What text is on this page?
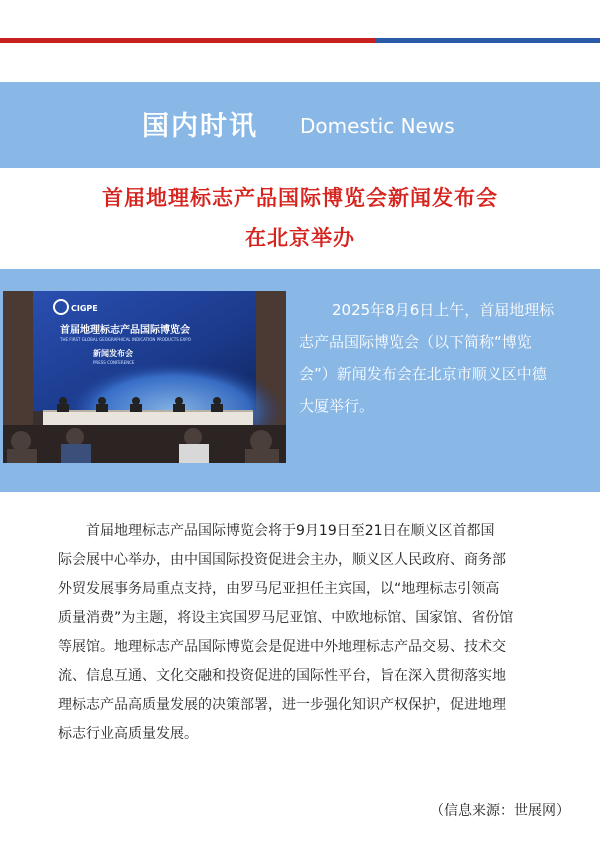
国内时讯 Domestic News
首届地理标志产品国际博览会新闻发布会
在北京举办
CIGPE
首届地理标志产品国际博览会
THE FIRST GLOBAL GEOGRAPHICAL INDICATION PRODUCTS EXPO
新闻发布会
PRESS CONFERENCE
2025年8月6日上午，首届地理标
志产品国际博览会（以下简称“博览
会”）新闻发布会在北京市顺义区中德
大厦举行。
首届地理标志产品国际博览会将于9月19日至21日在顺义区首都国
际会展中心举办，由中国国际投资促进会主办，顺义区人民政府、商务部
外贸发展事务局重点支持，由罗马尼亚担任主宾国，以“地理标志引领高
质量消费”为主题，将设主宾国罗马尼亚馆、中欧地标馆、国家馆、省份馆
等展馆。地理标志产品国际博览会是促进中外地理标志产品交易、技术交
流、信息互通、文化交融和投资促进的国际性平台，旨在深入贯彻落实地
理标志产品高质量发展的决策部署，进一步强化知识产权保护，促进地理
标志行业高质量发展。
（信息来源：世展网）
